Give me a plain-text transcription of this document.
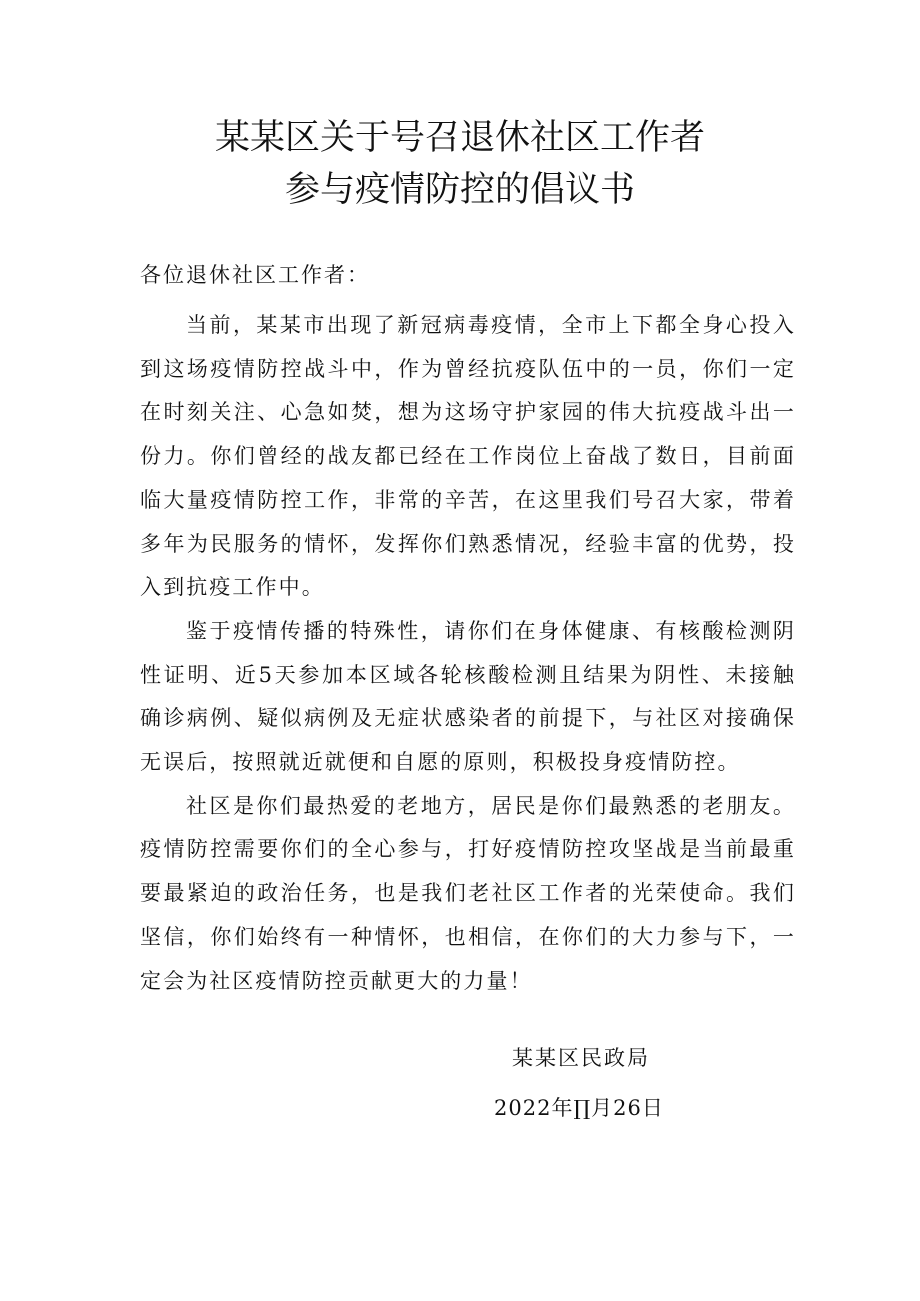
某某区关于号召退休社区工作者
参与疫情防控的倡议书
各位退休社区工作者：

当前，某某市出现了新冠病毒疫情，全市上下都全身心投入到这场疫情防控战斗中，作为曾经抗疫队伍中的一员，你们一定在时刻关注、心急如焚，想为这场守护家园的伟大抗疫战斗出一份力。你们曾经的战友都已经在工作岗位上奋战了数日，目前面临大量疫情防控工作，非常的辛苦，在这里我们号召大家，带着多年为民服务的情怀，发挥你们熟悉情况，经验丰富的优势，投入到抗疫工作中。

鉴于疫情传播的特殊性，请你们在身体健康、有核酸检测阴性证明、近5天参加本区域各轮核酸检测且结果为阴性、未接触确诊病例、疑似病例及无症状感染者的前提下，与社区对接确保无误后，按照就近就便和自愿的原则，积极投身疫情防控。

社区是你们最热爱的老地方，居民是你们最熟悉的老朋友。疫情防控需要你们的全心参与，打好疫情防控攻坚战是当前最重要最紧迫的政治任务，也是我们老社区工作者的光荣使命。我们坚信，你们始终有一种情怀，也相信，在你们的大力参与下，一定会为社区疫情防控贡献更大的力量！

某某区民政局
2022年∏月26日
